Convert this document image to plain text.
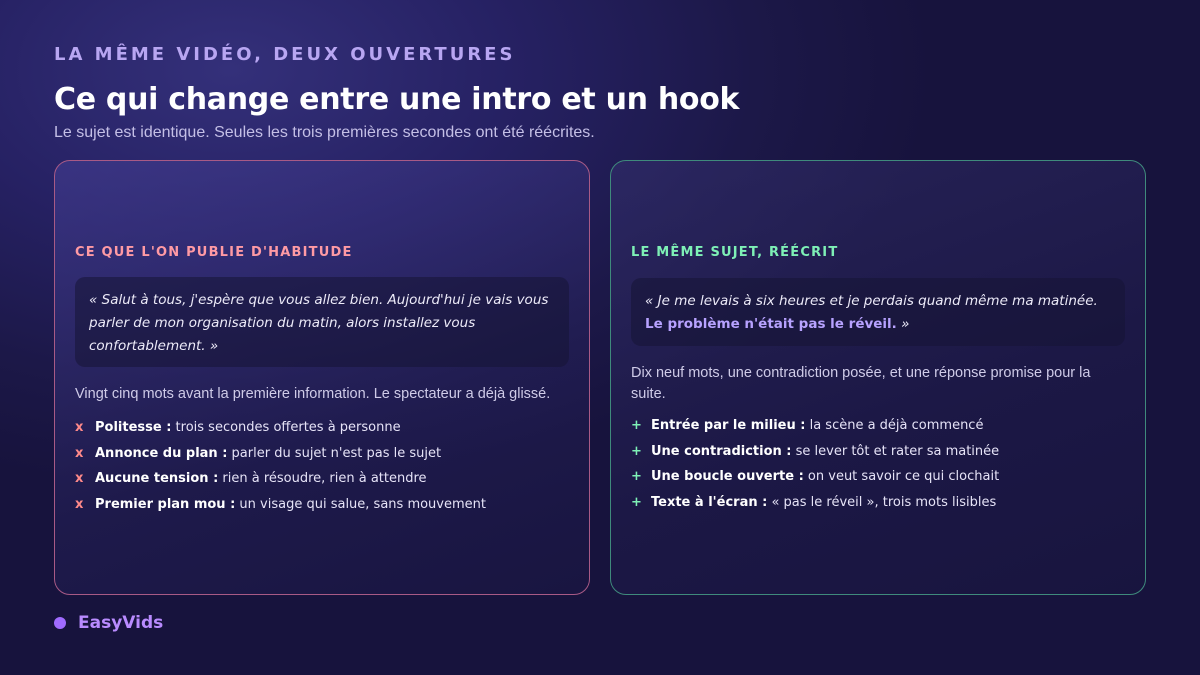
LA MÊME VIDÉO, DEUX OUVERTURES
Ce qui change entre une intro et un hook

Le sujet est identique. Seules les trois premières secondes ont été réécrites.

CE QUE L'ON PUBLIE D'HABITUDE
« Salut à tous, j'espère que vous allez bien. Aujourd'hui je vais vous parler de mon organisation du matin, alors installez vous confortablement. »

Vingt cinq mots avant la première information. Le spectateur a déjà glissé.

x Politesse : trois secondes offertes à personne
x Annonce du plan : parler du sujet n'est pas le sujet
x Aucune tension : rien à résoudre, rien à attendre
x Premier plan mou : un visage qui salue, sans mouvement
LE MÊME SUJET, RÉÉCRIT
« Je me levais à six heures et je perdais quand même ma matinée. Le problème n'était pas le réveil. »

Dix neuf mots, une contradiction posée, et une réponse promise pour la suite.

+ Entrée par le milieu : la scène a déjà commencé
+ Une contradiction : se lever tôt et rater sa matinée
+ Une boucle ouverte : on veut savoir ce qui clochait
+ Texte à l'écran : « pas le réveil », trois mots lisibles
EasyVids
